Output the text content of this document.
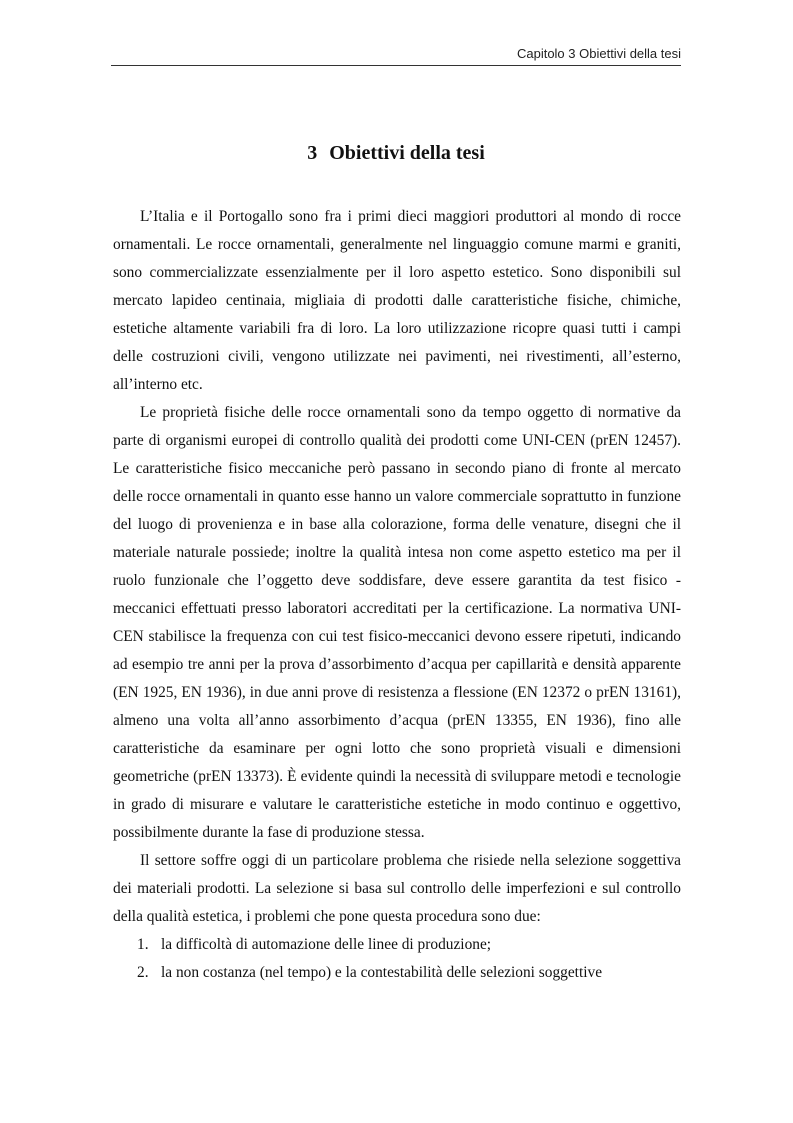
Capitolo 3 Obiettivi della tesi
3 Obiettivi della tesi

L’Italia e il Portogallo sono fra i primi dieci maggiori produttori al mondo di rocce ornamentali. Le rocce ornamentali, generalmente nel linguaggio comune marmi e graniti, sono commercializzate essenzialmente per il loro aspetto estetico. Sono disponibili sul mercato lapideo centinaia, migliaia di prodotti dalle caratteristiche fisiche, chimiche, estetiche altamente variabili fra di loro. La loro utilizzazione ricopre quasi tutti i campi delle costruzioni civili, vengono utilizzate nei pavimenti, nei rivestimenti, all’esterno, all’interno etc.

Le proprietà fisiche delle rocce ornamentali sono da tempo oggetto di normative da parte di organismi europei di controllo qualità dei prodotti come UNI-CEN (prEN 12457). Le caratteristiche fisico meccaniche però passano in secondo piano di fronte al mercato delle rocce ornamentali in quanto esse hanno un valore commerciale soprattutto in funzione del luogo di provenienza e in base alla colorazione, forma delle venature, disegni che il materiale naturale possiede; inoltre la qualità intesa non come aspetto estetico ma per il ruolo funzionale che l’oggetto deve soddisfare, deve essere garantita da test fisico - meccanici effettuati presso laboratori accreditati per la certificazione. La normativa UNI-CEN stabilisce la frequenza con cui test fisico-meccanici devono essere ripetuti, indicando ad esempio tre anni per la prova d’assorbimento d’acqua per capillarità e densità apparente (EN 1925, EN 1936), in due anni prove di resistenza a flessione (EN 12372 o prEN 13161), almeno una volta all’anno assorbimento d’acqua (prEN 13355, EN 1936), fino alle caratteristiche da esaminare per ogni lotto che sono proprietà visuali e dimensioni geometriche (prEN 13373). È evidente quindi la necessità di sviluppare metodi e tecnologie in grado di misurare e valutare le caratteristiche estetiche in modo continuo e oggettivo, possibilmente durante la fase di produzione stessa.

Il settore soffre oggi di un particolare problema che risiede nella selezione soggettiva dei materiali prodotti. La selezione si basa sul controllo delle imperfezioni e sul controllo della qualità estetica, i problemi che pone questa procedura sono due:

1. la difficoltà di automazione delle linee di produzione;
2. la non costanza (nel tempo) e la contestabilità delle selezioni soggettive
